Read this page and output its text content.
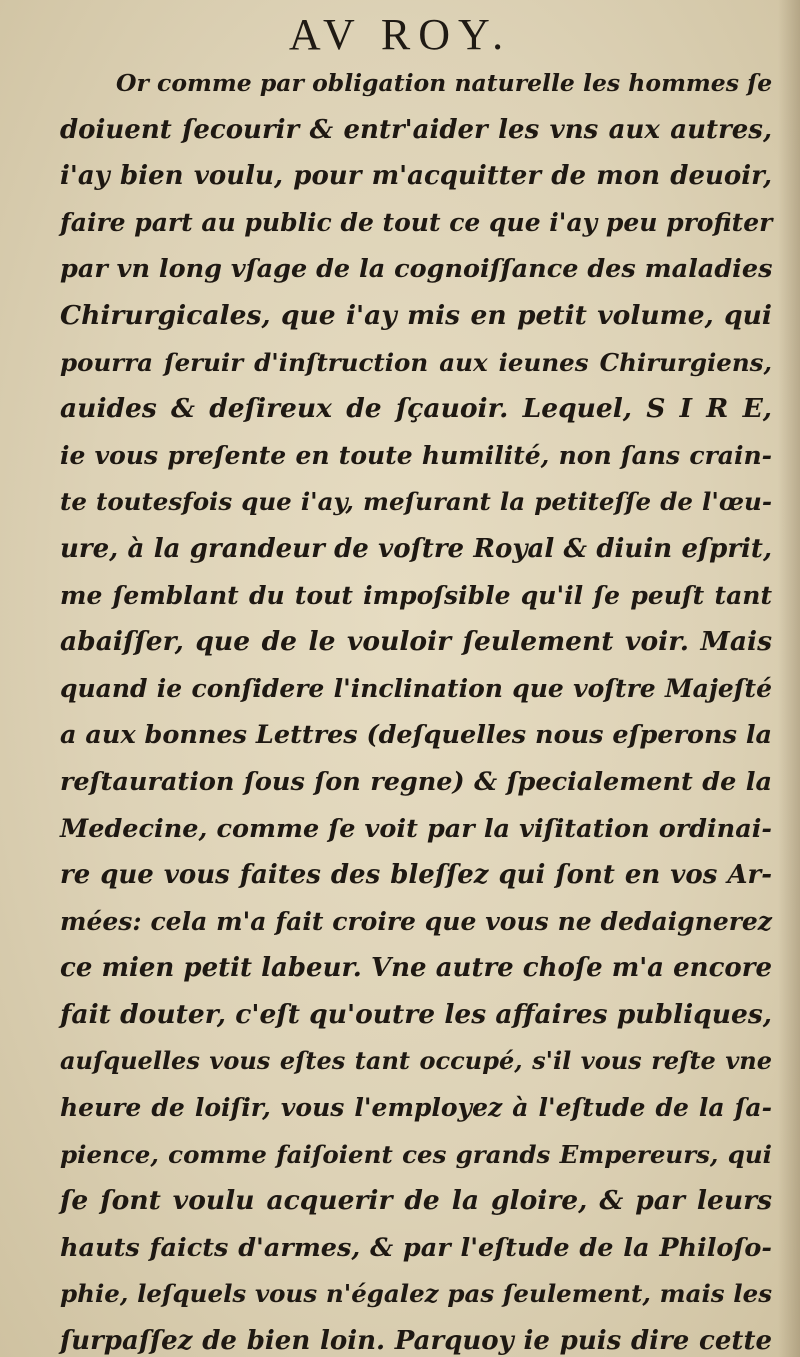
AV ROY.
Or comme par obligation naturelle les hommes ſe
doiuent ſecourir & entr'aider les vns aux autres,
i'ay bien voulu, pour m'acquitter de mon deuoir,
faire part au public de tout ce que i'ay peu profiter
par vn long vſage de la cognoiſſance des maladies
Chirurgicales, que i'ay mis en petit volume, qui
pourra ſeruir d'inſtruction aux ieunes Chirurgiens,
auides & deſireux de ſçauoir. Lequel, S I R E,
ie vous preſente en toute humilité, non ſans crain-
te toutesfois que i'ay, meſurant la petiteſſe de l'œu-
ure, à la grandeur de voſtre Royal & diuin eſprit,
me ſemblant du tout impoſsible qu'il ſe peuſt tant
abaiſſer, que de le vouloir ſeulement voir. Mais
quand ie conſidere l'inclination que voſtre Majeſté
a aux bonnes Lettres (deſquelles nous eſperons la
reſtauration ſous ſon regne) & ſpecialement de la
Medecine, comme ſe voit par la viſitation ordinai-
re que vous faites des bleſſez qui ſont en vos Ar-
mées: cela m'a fait croire que vous ne dedaignerez
ce mien petit labeur. Vne autre choſe m'a encore
fait douter, c'eſt qu'outre les affaires publiques,
auſquelles vous eſtes tant occupé, s'il vous reſte vne
heure de loiſir, vous l'employez à l'eſtude de la ſa-
pience, comme faiſoient ces grands Empereurs, qui
ſe ſont voulu acquerir de la gloire, & par leurs
hauts faicts d'armes, & par l'eſtude de la Philoſo-
phie, leſquels vous n'égalez pas ſeulement, mais les
ſurpaſſez de bien loin. Parquoy ie puis dire cette
